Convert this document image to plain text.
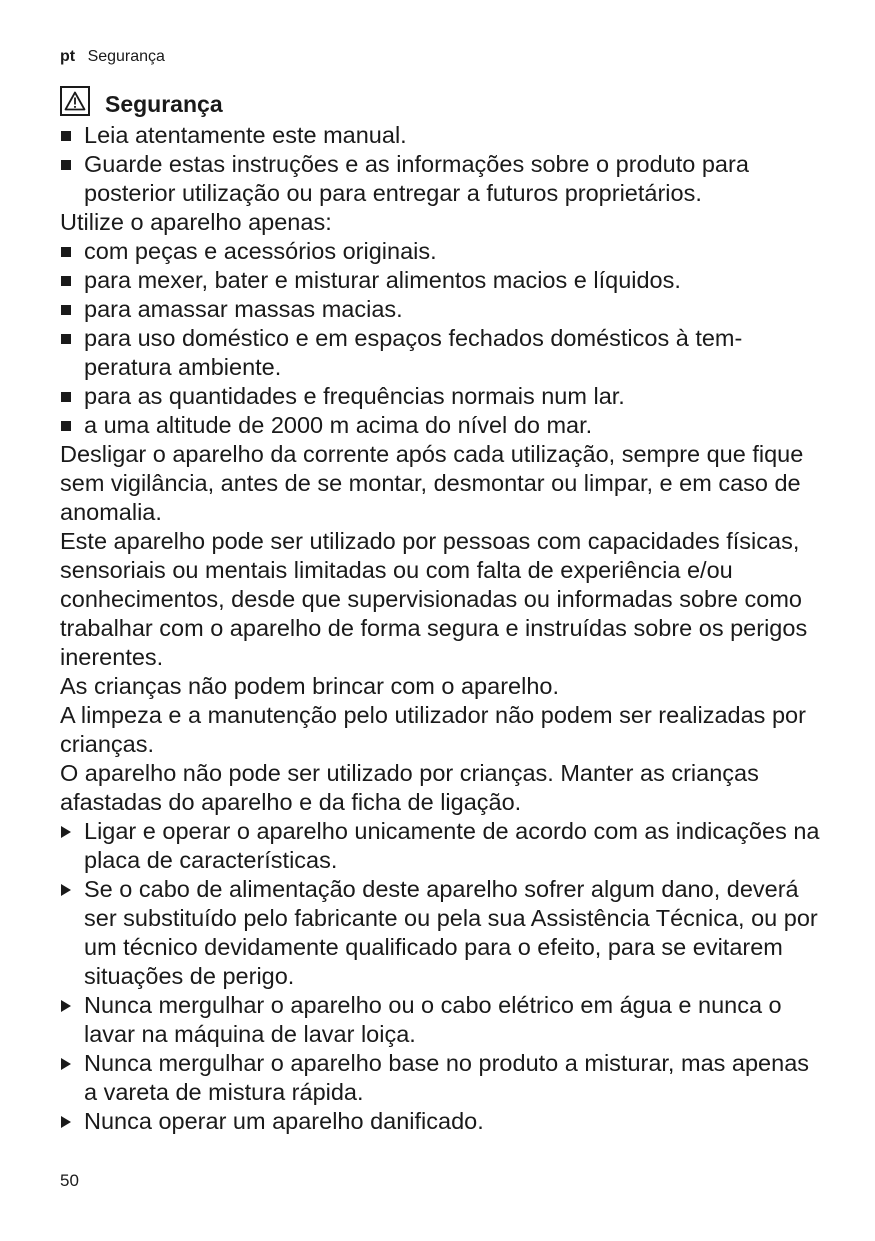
pt Segurança
Segurança
Leia atentamente este manual.
Guarde estas instruções e as informações sobre o produto para posterior utilização ou para entregar a futuros proprietários.

Utilize o aparelho apenas:

com peças e acessórios originais.
para mexer, bater e misturar alimentos macios e líquidos.
para amassar massas macias.
para uso doméstico e em espaços fechados domésticos à temperatura ambiente.
para as quantidades e frequências normais num lar.
a uma altitude de 2000 m acima do nível do mar.

Desligar o aparelho da corrente após cada utilização, sempre que fique sem vigilância, antes de se montar, desmontar ou limpar, e em caso de anomalia.

Este aparelho pode ser utilizado por pessoas com capacidades físicas, sensoriais ou mentais limitadas ou com falta de experiência e/ou conhecimentos, desde que supervisionadas ou informadas sobre como trabalhar com o aparelho de forma segura e instruídas sobre os perigos inerentes.

As crianças não podem brincar com o aparelho.

A limpeza e a manutenção pelo utilizador não podem ser realizadas por crianças.

O aparelho não pode ser utilizado por crianças. Manter as crianças afastadas do aparelho e da ficha de ligação.

Ligar e operar o aparelho unicamente de acordo com as indicações na placa de características.
Se o cabo de alimentação deste aparelho sofrer algum dano, deverá ser substituído pelo fabricante ou pela sua Assistência Técnica, ou por um técnico devidamente qualificado para o efeito, para se evitarem situações de perigo.
Nunca mergulhar o aparelho ou o cabo elétrico em água e nunca o lavar na máquina de lavar loiça.
Nunca mergulhar o aparelho base no produto a misturar, mas apenas a vareta de mistura rápida.
Nunca operar um aparelho danificado.
50
